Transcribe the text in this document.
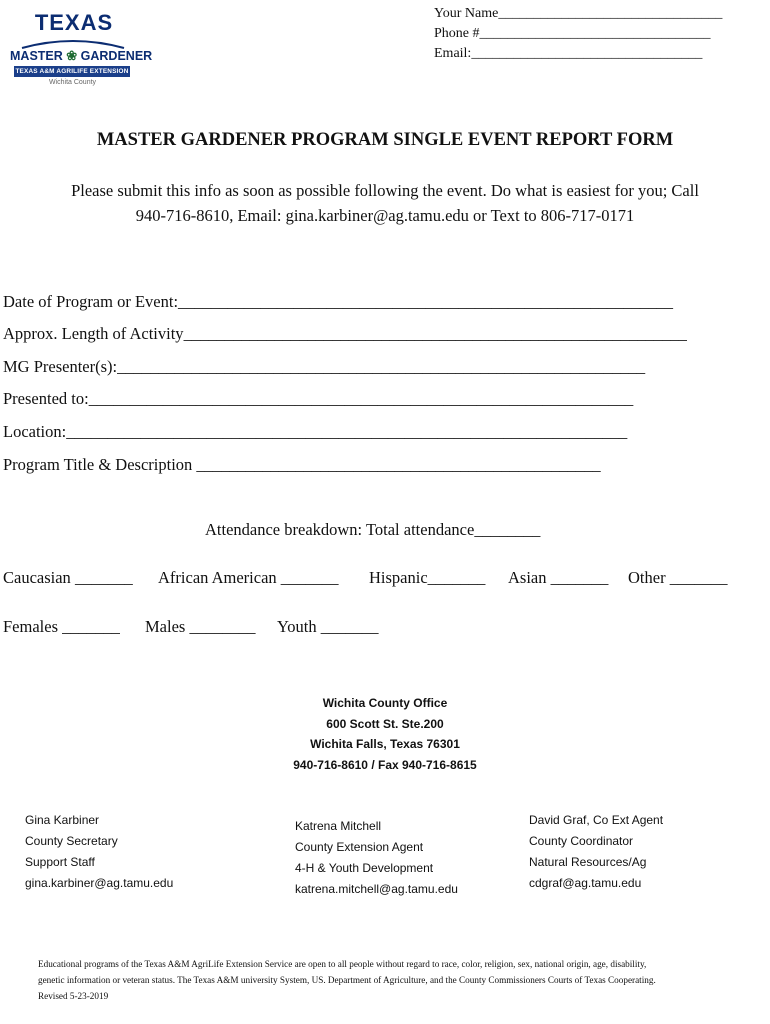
TEXAS
MASTER ❀ GARDENER
TEXAS A&M AGRILIFE EXTENSION
Wichita County
Your Name________________________________
Phone #_________________________________
Email:_________________________________
MASTER GARDENER PROGRAM SINGLE EVENT REPORT FORM
Please submit this info as soon as possible following the event. Do what is easiest for you; Call
940-716-8610, Email: gina.karbiner@ag.tamu.edu or Text to 806-717-0171
Date of Program or Event:____________________________________________________________
Approx. Length of Activity_____________________________________________________________
MG Presenter(s):________________________________________________________________
Presented to:__________________________________________________________________
Location:____________________________________________________________________
Program Title & Description _________________________________________________
Attendance breakdown: Total attendance________
Caucasian _______ African American _______ Hispanic_______ Asian _______ Other _______
Females _______ Males ________ Youth _______
Wichita County Office
600 Scott St. Ste.200
Wichita Falls, Texas 76301
940-716-8610 / Fax 940-716-8615
Gina Karbiner
County Secretary
Support Staff
gina.karbiner@ag.tamu.edu
Katrena Mitchell
County Extension Agent
4-H & Youth Development
katrena.mitchell@ag.tamu.edu
David Graf, Co Ext Agent
County Coordinator
Natural Resources/Ag
cdgraf@ag.tamu.edu
Educational programs of the Texas A&M AgriLife Extension Service are open to all people without regard to race, color, religion, sex, national origin, age, disability,
genetic information or veteran status. The Texas A&M university System, US. Department of Agriculture, and the County Commissioners Courts of Texas Cooperating.
Revised 5-23-2019
